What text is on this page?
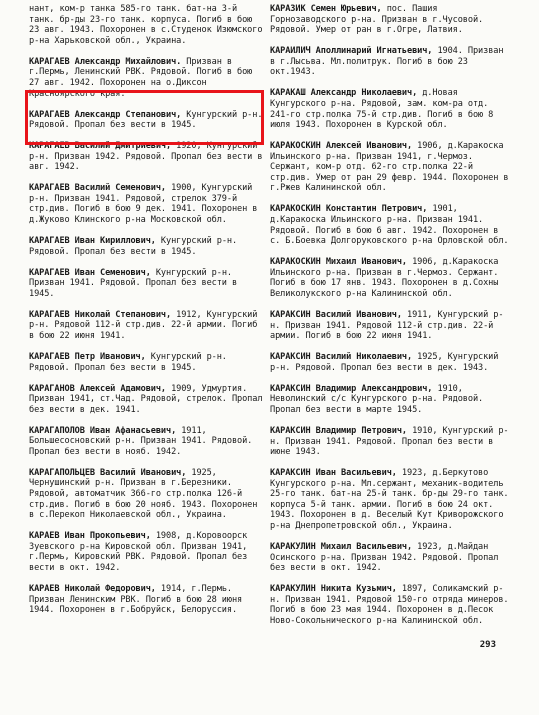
нант, ком-р танка 585-го танк. бат-на 3-й танк. бр-ды 23-го танк. корпуса. Погиб в бою 23 авг. 1943. Похоронен в с.Студенок Изюмского р-на Харьковской обл., Украина.
КАРАГАЕВ Александр Михайлович. Призван в г.Пермь, Ленинский РВК. Рядовой. Погиб в бою 27 авг. 1942. Похоронен на о.Диксон Красноярского края.
КАРАГАЕВ Александр Степанович, Кунгурский р-н. Рядовой. Пропал без вести в 1945.
КАРАГАЕВ Василий Дмитриевич, 1920, Кунгурский р-н. Призван 1942. Рядовой. Пропал без вести в авг. 1942.
КАРАГАЕВ Василий Семенович, 1900, Кунгурский р-н. Призван 1941. Рядовой, стрелок 379-й стр.див. Погиб в бою 9 дек. 1941. Похоронен в д.Жуково Клинского р-на Московской обл.
КАРАГАЕВ Иван Кириллович, Кунгурский р-н. Рядовой. Пропал без вести в 1945.
КАРАГАЕВ Иван Семенович, Кунгурский р-н. Призван 1941. Рядовой. Пропал без вести в 1945.
КАРАГАЕВ Николай Степанович, 1912, Кунгурский р-н. Рядовой 112-й стр.див. 22-й армии. Погиб в бою 22 июня 1941.
КАРАГАЕВ Петр Иванович, Кунгурский р-н. Рядовой. Пропал без вести в 1945.
КАРАГАНОВ Алексей Адамович, 1909, Удмуртия. Призван 1941, ст.Чад. Рядовой, стрелок. Пропал без вести в дек. 1941.
КАРАГАПОЛОВ Иван Афанасьевич, 1911, Большесосновский р-н. Призван 1941. Рядовой. Пропал без вести в нояб. 1942.
КАРАГАПОЛЬЦЕВ Василий Иванович, 1925, Чернушинский р-н. Призван в г.Березники. Рядовой, автоматчик 366-го стр.полка 126-й стр.див. Погиб в бою 20 нояб. 1943. Похоронен в с.Перекоп Николаевской обл., Украина.
КАРАЕВ Иван Прокопьевич, 1908, д.Коровоорск Зуевского р-на Кировской обл. Призван 1941, г.Пермь, Кировский РВК. Рядовой. Пропал без вести в окт. 1942.
КАРАЕВ Николай Федорович, 1914, г.Пермь. Призван Ленинским РВК. Погиб в бою 28 июня 1944. Похоронен в г.Бобруйск, Белоруссия.
КАРАЗИК Семен Юрьевич, пос. Пашия Горнозаводского р-на. Призван в г.Чусовой. Рядовой. Умер от ран в г.Огре, Латвия.
КАРАИЛИЧ Аполлинарий Игнатьевич, 1904. Призван в г.Лысьва. Мл.политрук. Погиб в бою 23 окт.1943.
КАРАКАШ Александр Николаевич, д.Новая Кунгурского р-на. Рядовой, зам. ком-ра отд. 241-го стр.полка 75-й стр.див. Погиб в бою 8 июля 1943. Похоронен в Курской обл.
КАРАКОСКИН Алексей Иванович, 1906, д.Каракоска Ильинского р-на. Призван 1941, г.Чермоз. Сержант, ком-р отд. 62-го стр.полка 22-й стр.див. Умер от ран 29 февр. 1944. Похоронен в г.Ржев Калининской обл.
КАРАКОСКИН Константин Петрович, 1901, д.Каракоска Ильинского р-на. Призван 1941. Рядовой. Погиб в бою 6 авг. 1942. Похоронен в с. Б.Боевка Долгоруковского р-на Орловской обл.
КАРАКОСКИН Михаил Иванович, 1906, д.Каракоска Ильинского р-на. Призван в г.Чермоз. Сержант. Погиб в бою 17 янв. 1943. Похоронен в д.Сохны Великолукского р-на Калининской обл.
КАРАКСИН Василий Иванович, 1911, Кунгурский р-н. Призван 1941. Рядовой 112-й стр.див. 22-й армии. Погиб в бою 22 июня 1941.
КАРАКСИН Василий Николаевич, 1925, Кунгурский р-н. Рядовой. Пропал без вести в дек. 1943.
КАРАКСИН Владимир Александрович, 1910, Неволинский с/с Кунгурского р-на. Рядовой. Пропал без вести в марте 1945.
КАРАКСИН Владимир Петрович, 1910, Кунгурский р-н. Призван 1941. Рядовой. Пропал без вести в июне 1943.
КАРАКСИН Иван Васильевич, 1923, д.Беркутово Кунгурского р-на. Мл.сержант, механик-водитель 25-го танк. бат-на 25-й танк. бр-ды 29-го танк. корпуса 5-й танк. армии. Погиб в бою 24 окт. 1943. Похоронен в д. Веселый Кут Криворожского р-на Днепропетровской обл., Украина.
КАРАКУЛИН Михаил Васильевич, 1923, д.Майдан Осинского р-на. Призван 1942. Рядовой. Пропал без вести в окт. 1942.
КАРАКУЛИН Никита Кузьмич, 1897, Соликамский р-н. Призван 1941. Рядовой 150-го отряда минеров. Погиб в бою 23 мая 1944. Похоронен в д.Песок Ново-Сокольнического р-на Калининской обл.
293
